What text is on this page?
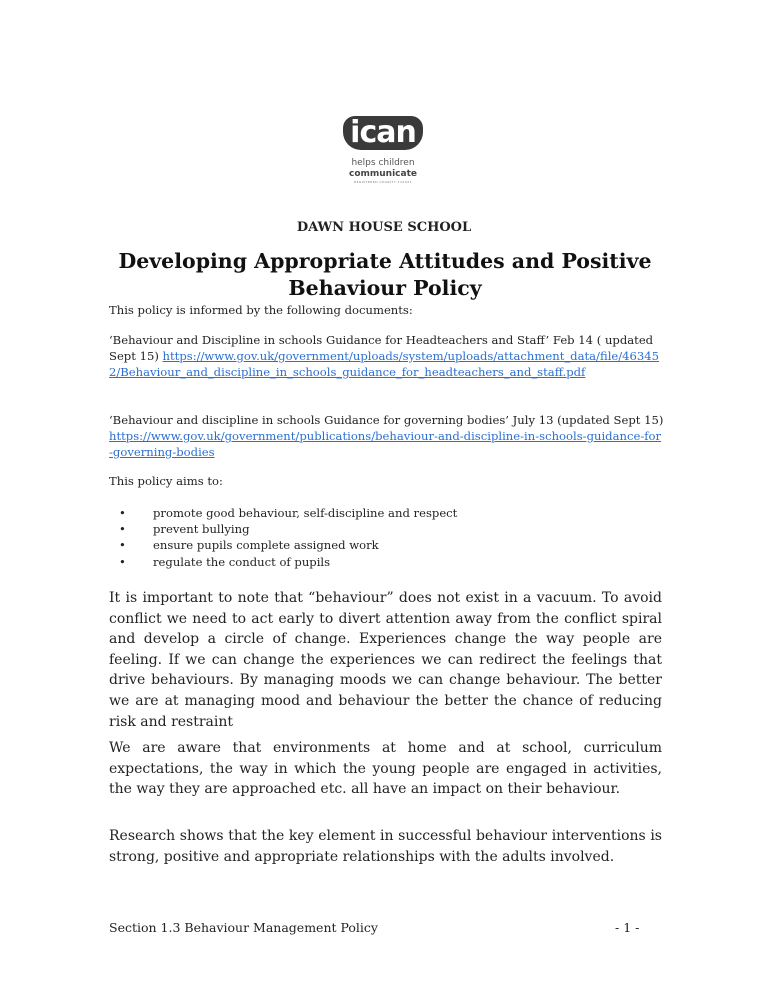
ican
helps children
communicate
REGISTERED CHARITY 210031
DAWN HOUSE SCHOOL
Developing Appropriate Attitudes and Positive Behaviour Policy
This policy is informed by the following documents:
‘Behaviour and Discipline in schools Guidance for Headteachers and Staff’ Feb 14 ( updated Sept 15) https://www.gov.uk/government/uploads/system/uploads/attachment_data/file/463452/Behaviour_and_discipline_in_schools_guidance_for_headteachers_and_staff.pdf
‘Behaviour and discipline in schools Guidance for governing bodies’ July 13 (updated Sept 15) https://www.gov.uk/government/publications/behaviour-and-discipline-in-schools-guidance-for-governing-bodies
This policy aims to:
• promote good behaviour, self-discipline and respect
• prevent bullying
• ensure pupils complete assigned work
• regulate the conduct of pupils
It is important to note that “behaviour” does not exist in a vacuum. To avoid conflict we need to act early to divert attention away from the conflict spiral and develop a circle of change. Experiences change the way people are feeling. If we can change the experiences we can redirect the feelings that drive behaviours. By managing moods we can change behaviour. The better we are at managing mood and behaviour the better the chance of reducing risk and restraint
We are aware that environments at home and at school, curriculum expectations, the way in which the young people are engaged in activities, the way they are approached etc. all have an impact on their behaviour.
Research shows that the key element in successful behaviour interventions is strong, positive and appropriate relationships with the adults involved.
Section 1.3 Behaviour Management Policy	- 1 -
